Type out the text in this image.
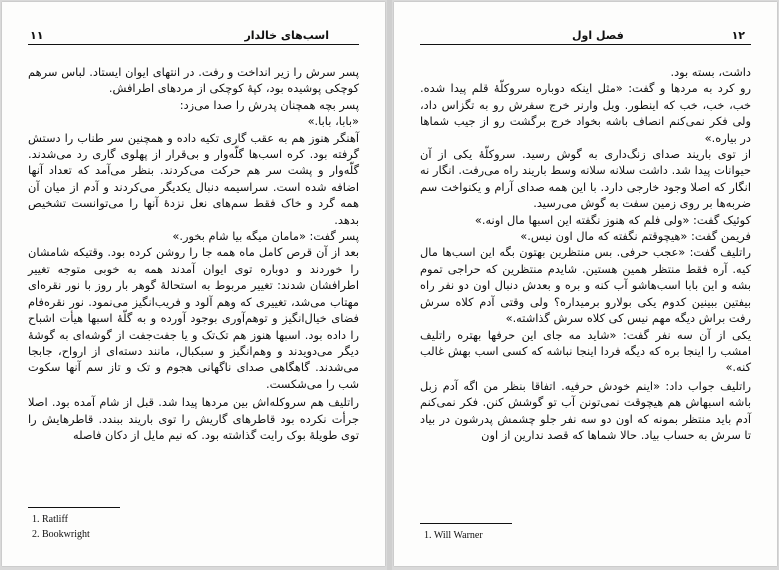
۱۱	اسب‌های خالدار

پسر سرش را زیر انداخت و رفت. در انتهای ایوان ایستاد. لباس سرهم کوچکی پوشیده بود، کپهٔ کوچکی از مردهای اطرافش.

پسر بچه همچنان پدرش را صدا می‌زد:

«بابا، بابا.»

آهنگر هنوز هم به عقب گاری تکیه داده و همچنین سر طناب را دستش گرفته بود. کره اسب‌ها گلّه‌وار و بی‌قرار از پهلوی گاری رد می‌شدند. گلّه‌وار و پشت سر هم حرکت می‌کردند. بنظر می‌آمد که تعداد آنها اضافه شده است. سراسیمه دنبال یکدیگر می‌کردند و آدم از میان آن همه گرد و خاک فقط سم‌های نعل نزدهٔ آنها را می‌توانست تشخیص بدهد.

پسر گفت: «مامان میگه بیا شام بخور.»

بعد از آن قرص کامل ماه همه جا را روشن کرده بود. وقتیکه شامشان را خوردند و دوباره توی ایوان آمدند همه به خوبی متوجه تغییر اطرافشان شدند: تغییر مربوط به استحالهٔ گوهر بار روز با نور نقره‌ای مهتاب می‌شد، تغییری که وهم آلود و فریب‌انگیز می‌نمود. نور نقره‌فام فضای خیال‌انگیز و توهم‌آوری بوجود آورده و به گلّهٔ اسبها هیأت اشباح را داده بود. اسبها هنوز هم تک‌تک و یا جفت‌جفت از گوشه‌ای به گوشهٔ دیگر می‌دویدند و وهم‌انگیز و سبکبال، مانند دسته‌ای از ارواح، جابجا می‌شدند. گاهگاهی صدای ناگهانی هجوم و تک و تاز سم آنها سکوت شب را می‌شکست.

راتلیف هم سروکله‌اش بین مردها پیدا شد. قبل از شام آمده بود. اصلا جرأت نکرده بود قاطرهای گاریش را توی باریند ببندد. قاطرهایش را توی طویلهٔ بوک رایت گذاشته بود. که نیم مایل از دکان فاصله

1. Ratliff
2. Bookwright
فصل اول	۱۲

داشت، بسته بود.

رو کرد به مردها و گفت: «مثل اینکه دوباره سروکلّهٔ قلم پیدا شده. خب، خب، خب که اینطور. ویل وارنر خرج سفرش رو به تگزاس داد، ولی فکر نمی‌کنم انصاف باشه بخواد خرج برگشت رو از جیب شماها در بیاره.»

از توی باریند صدای زنگ‌داری به گوش رسید. سروکلّهٔ یکی از آن حیوانات پیدا شد. داشت سلانه سلانه وسط باریند راه می‌رفت. انگار نه انگار که اصلا وجود خارجی دارد. با این همه صدای آرام و یکنواخت سم ضربه‌ها بر روی زمین سفت به گوش می‌رسید.

کوئیک گفت: «ولی فلم که هنوز نگفته این اسبها مال اونه.»

فریمن گفت: «هیچوقتم نگفته که مال اون نیس.»

راتلیف گفت: «عجب حرفی. بس منتظرین بهتون بگه این اسب‌ها مال کیه. آره فقط منتظر همین هستین. شایدم منتظرین که حراجی تموم بشه و این بابا اسب‌هاشو آب کنه و بره و بعدش دنبال اون دو نفر راه بیفتین ببینین کدوم یکی بولارو برمیداره؟ ولی وقتی آدم کلاه سرش رفت براش دیگه مهم نیس کی کلاه سرش گذاشته.»

یکی از آن سه نفر گفت: «شاید مه جای این حرفها بهتره راتلیف امشب را اینجا بره که دیگه فردا اینجا نباشه که کسی اسب بهش غالب کنه.»

راتلیف جواب داد: «اینم خودش حرفیه. اتفاقا بنظر من اگه آدم زبل باشه اسبهاش هم هیچوقت نمی‌تونن آب تو گوشش کنن. فکر نمی‌کنم آدم باید منتظر بمونه که اون دو سه نفر جلو چشمش پدرشون در بیاد تا سرش به حساب بیاد. حالا شماها که قصد ندارین از اون

1. Will Warner
